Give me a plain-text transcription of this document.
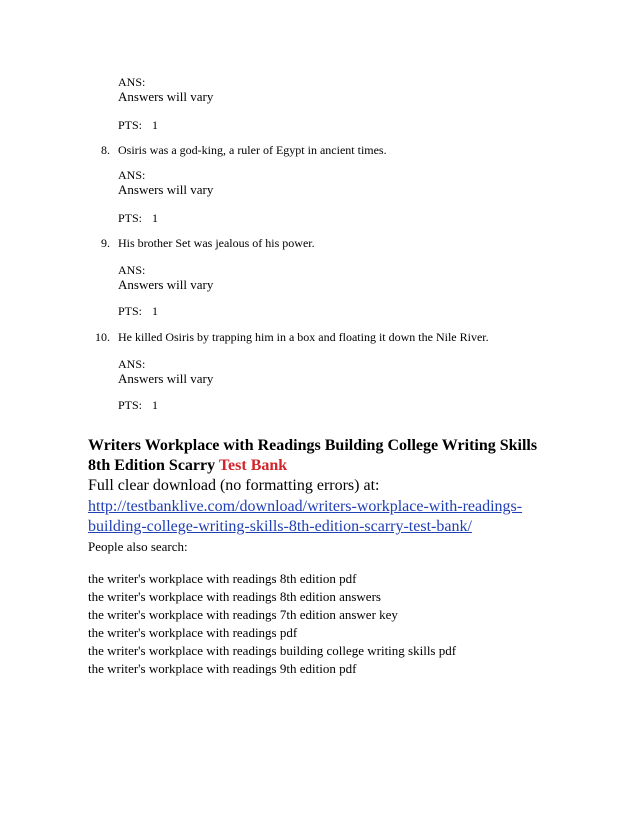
ANS:
Answers will vary
PTS: 1
8. Osiris was a god-king, a ruler of Egypt in ancient times.
ANS:
Answers will vary
PTS: 1
9. His brother Set was jealous of his power.
ANS:
Answers will vary
PTS: 1
10. He killed Osiris by trapping him in a box and floating it down the Nile River.
ANS:
Answers will vary
PTS: 1
Writers Workplace with Readings Building College Writing Skills
8th Edition Scarry Test Bank
Full clear download (no formatting errors) at:
http://testbanklive.com/download/writers-workplace-with-readings-
building-college-writing-skills-8th-edition-scarry-test-bank/
People also search:
the writer's workplace with readings 8th edition pdf
the writer's workplace with readings 8th edition answers
the writer's workplace with readings 7th edition answer key
the writer's workplace with readings pdf
the writer's workplace with readings building college writing skills pdf
the writer's workplace with readings 9th edition pdf
